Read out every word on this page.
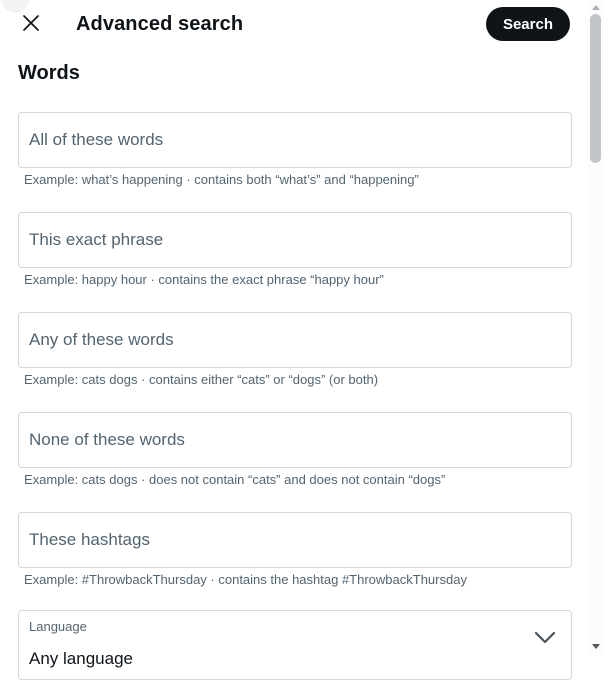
Advanced search	Search
Words
All of these words
Example: what’s happening · contains both “what’s” and “happening”
This exact phrase
Example: happy hour · contains the exact phrase “happy hour”
Any of these words
Example: cats dogs · contains either “cats” or “dogs” (or both)
None of these words
Example: cats dogs · does not contain “cats” and does not contain “dogs”
These hashtags
Example: #ThrowbackThursday · contains the hashtag #ThrowbackThursday
Language
Any language
